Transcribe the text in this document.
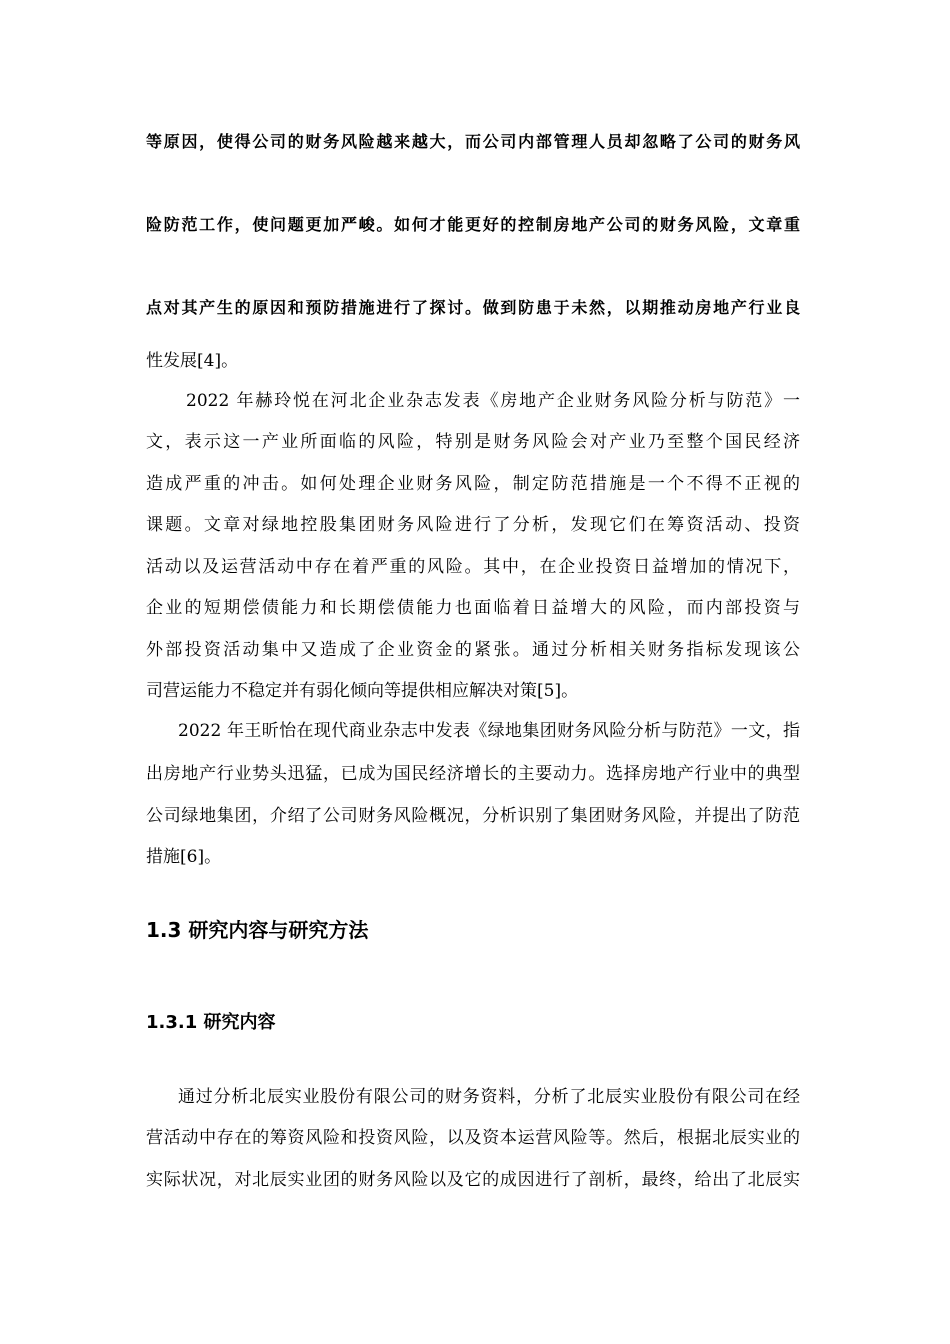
等原因，使得公司的财务风险越来越大，而公司内部管理人员却忽略了公司的财务风
险防范工作，使问题更加严峻。如何才能更好的控制房地产公司的财务风险，文章重
点对其产生的原因和预防措施进行了探讨。做到防患于未然，以期推动房地产行业良
性发展[4]。
2022 年赫玲悦在河北企业杂志发表《房地产企业财务风险分析与防范》一
文，表示这一产业所面临的风险，特别是财务风险会对产业乃至整个国民经济
造成严重的冲击。如何处理企业财务风险，制定防范措施是一个不得不正视的
课题。文章对绿地控股集团财务风险进行了分析，发现它们在筹资活动、投资
活动以及运营活动中存在着严重的风险。其中，在企业投资日益增加的情况下，
企业的短期偿债能力和长期偿债能力也面临着日益增大的风险，而内部投资与
外部投资活动集中又造成了企业资金的紧张。通过分析相关财务指标发现该公
司营运能力不稳定并有弱化倾向等提供相应解决对策[5]。
2022 年王昕怡在现代商业杂志中发表《绿地集团财务风险分析与防范》一文，指
出房地产行业势头迅猛，已成为国民经济增长的主要动力。选择房地产行业中的典型
公司绿地集团，介绍了公司财务风险概况，分析识别了集团财务风险，并提出了防范
措施[6]。
1.3 研究内容与研究方法
1.3.1 研究内容
通过分析北辰实业股份有限公司的财务资料，分析了北辰实业股份有限公司在经
营活动中存在的筹资风险和投资风险，以及资本运营风险等。然后，根据北辰实业的
实际状况，对北辰实业团的财务风险以及它的成因进行了剖析，最终，给出了北辰实
